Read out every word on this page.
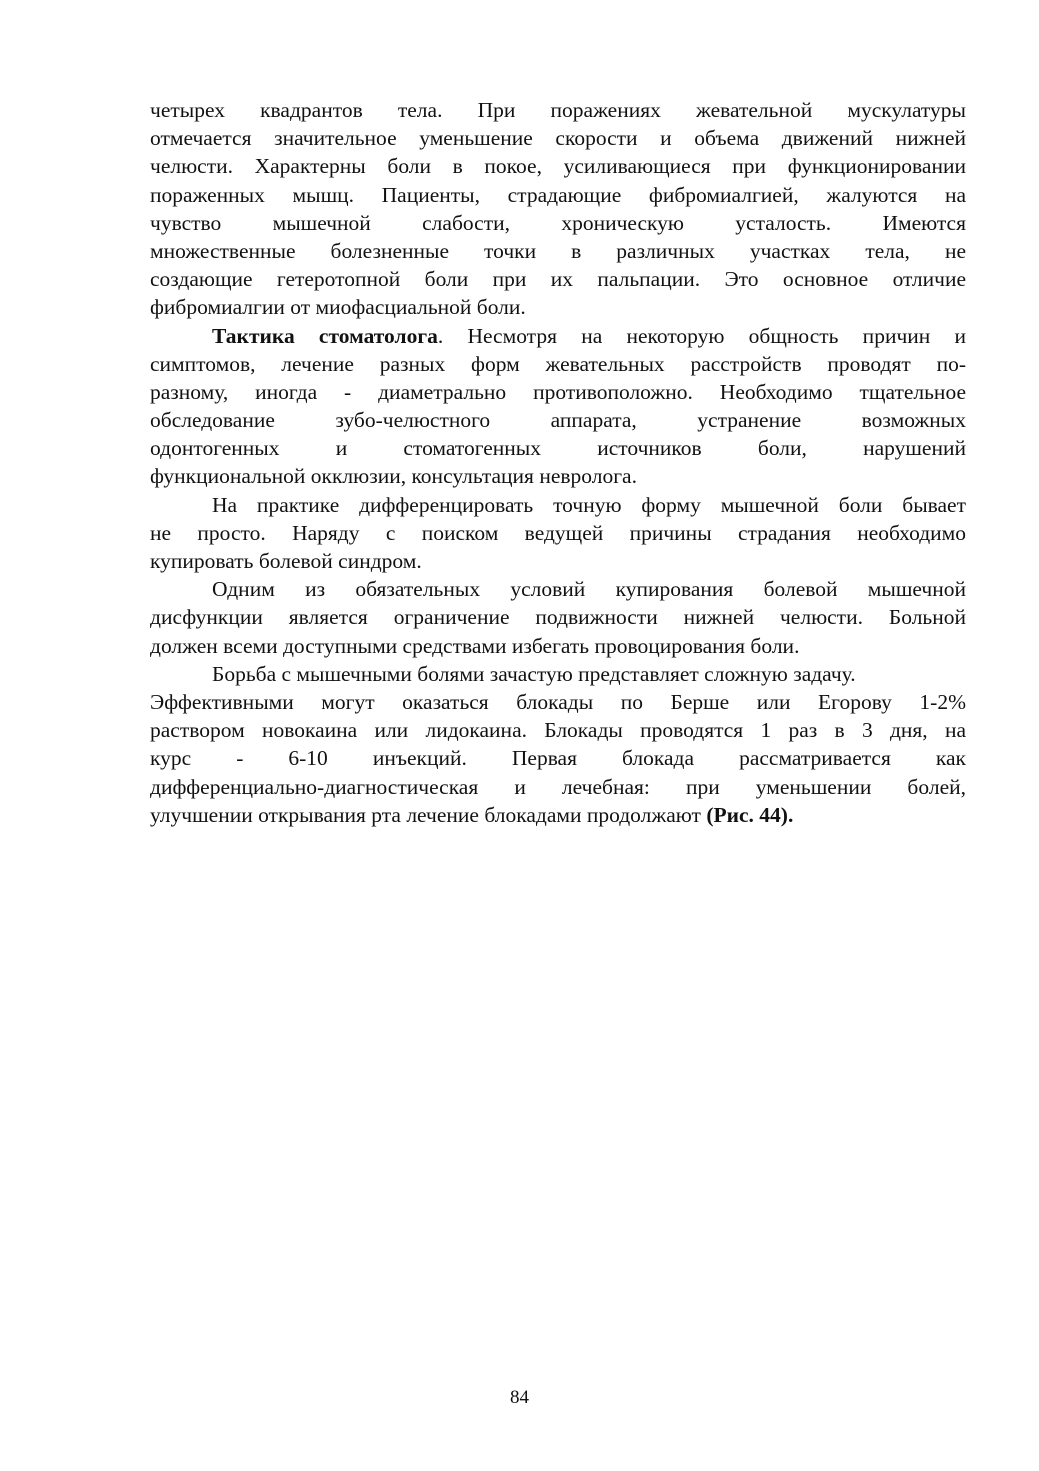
четырех квадрантов тела. При поражениях жевательной мускулатуры
отмечается значительное уменьшение скорости и объема движений нижней
челюсти. Характерны боли в покое, усиливающиеся при функционировании
пораженных мышц. Пациенты, страдающие фибромиалгией, жалуются на
чувство мышечной слабости, хроническую усталость. Имеются
множественные болезненные точки в различных участках тела, не
создающие гетеротопной боли при их пальпации. Это основное отличие
фибромиалгии от миофасциальной боли.
Тактика стоматолога. Несмотря на некоторую общность причин и
симптомов, лечение разных форм жевательных расстройств проводят по-
разному, иногда - диаметрально противоположно. Необходимо тщательное
обследование зубо-челюстного аппарата, устранение возможных
одонтогенных и стоматогенных источников боли, нарушений
функциональной окклюзии, консультация невролога.
На практике дифференцировать точную форму мышечной боли бывает
не просто. Наряду с поиском ведущей причины страдания необходимо
купировать болевой синдром.
Одним из обязательных условий купирования болевой мышечной
дисфункции является ограничение подвижности нижней челюсти. Больной
должен всеми доступными средствами избегать провоцирования боли.
Борьба с мышечными болями зачастую представляет сложную задачу.
Эффективными могут оказаться блокады по Берше или Егорову 1-2%
раствором новокаина или лидокаина. Блокады проводятся 1 раз в 3 дня, на
курс - 6-10 инъекций. Первая блокада рассматривается как
дифференциально-диагностическая и лечебная: при уменьшении болей,
улучшении открывания рта лечение блокадами продолжают (Рис. 44).
84
